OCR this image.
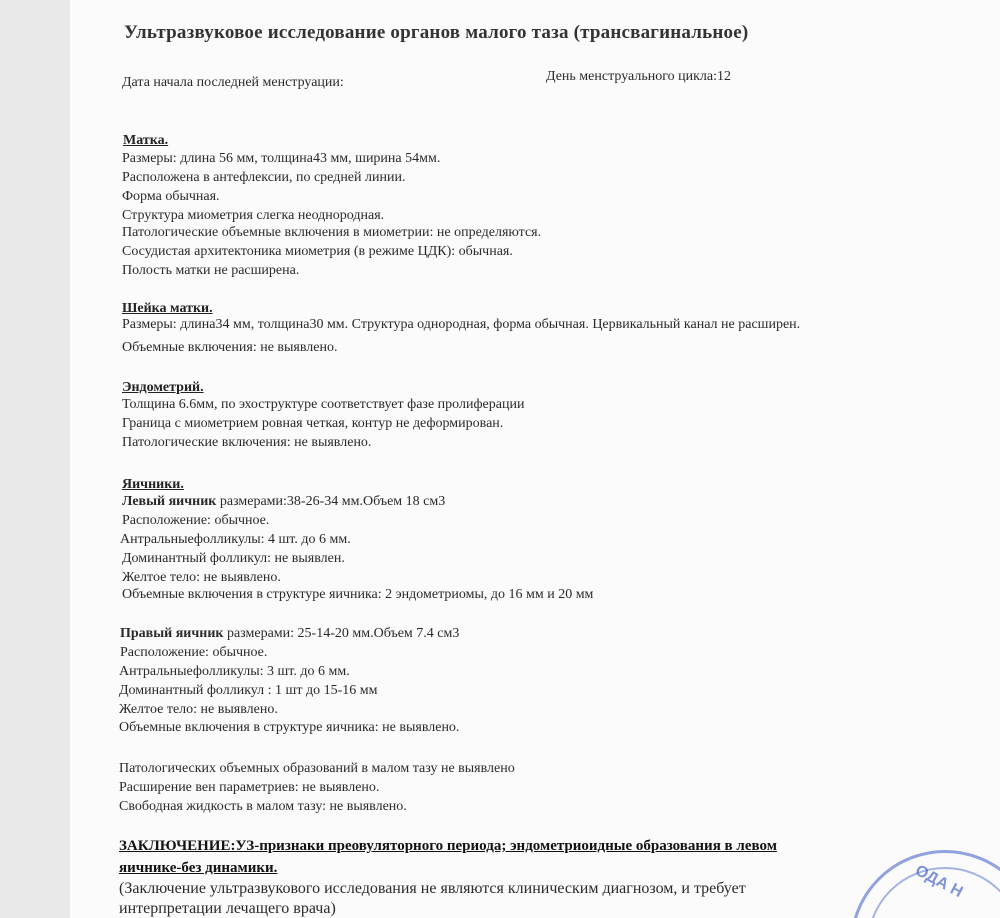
Ультразвуковое исследование органов малого таза (трансвагинальное)
Дата начала последней менструации:	День менструального цикла:12
Матка.
Размеры: длина 56 мм, толщина43 мм, ширина 54мм.
Расположена в антефлексии, по средней линии.
Форма обычная.
Структура миометрия слегка неоднородная.
Патологические объемные включения в миометрии: не определяются.
Сосудистая архитектоника миометрия (в режиме ЦДК): обычная.
Полость матки не расширена.
Шейка матки.
Размеры: длина34 мм, толщина30 мм. Структура однородная, форма обычная. Цервикальный канал не расширен.
Объемные включения: не выявлено.
Эндометрий.
Толщина 6.6мм, по эхоструктуре соответствует фазе пролиферации
Граница с миометрием ровная четкая, контур не деформирован.
Патологические включения: не выявлено.
Яичники.
Левый яичник размерами:38-26-34 мм.Объем 18 см3
Расположение: обычное.
Антральныефолликулы: 4 шт. до 6 мм.
Доминантный фолликул: не выявлен.
Желтое тело: не выявлено.
Объемные включения в структуре яичника: 2 эндометриомы, до 16 мм и 20 мм
Правый яичник размерами: 25-14-20 мм.Объем 7.4 см3
Расположение: обычное.
Антральныефолликулы: 3 шт. до 6 мм.
Доминантный фолликул : 1 шт до 15-16 мм
Желтое тело: не выявлено.
Объемные включения в структуре яичника: не выявлено.
Патологических объемных образований в малом тазу не выявлено
Расширение вен параметриев: не выявлено.
Свободная жидкость в малом тазу: не выявлено.
ЗАКЛЮЧЕНИЕ:УЗ-признаки преовуляторного периода; эндометриоидные образования в левом
яичнике-без динамики.
(Заключение ультразвукового исследования не являются клиническим диагнозом, и требует
интерпретации лечащего врача)
ОДА Н
